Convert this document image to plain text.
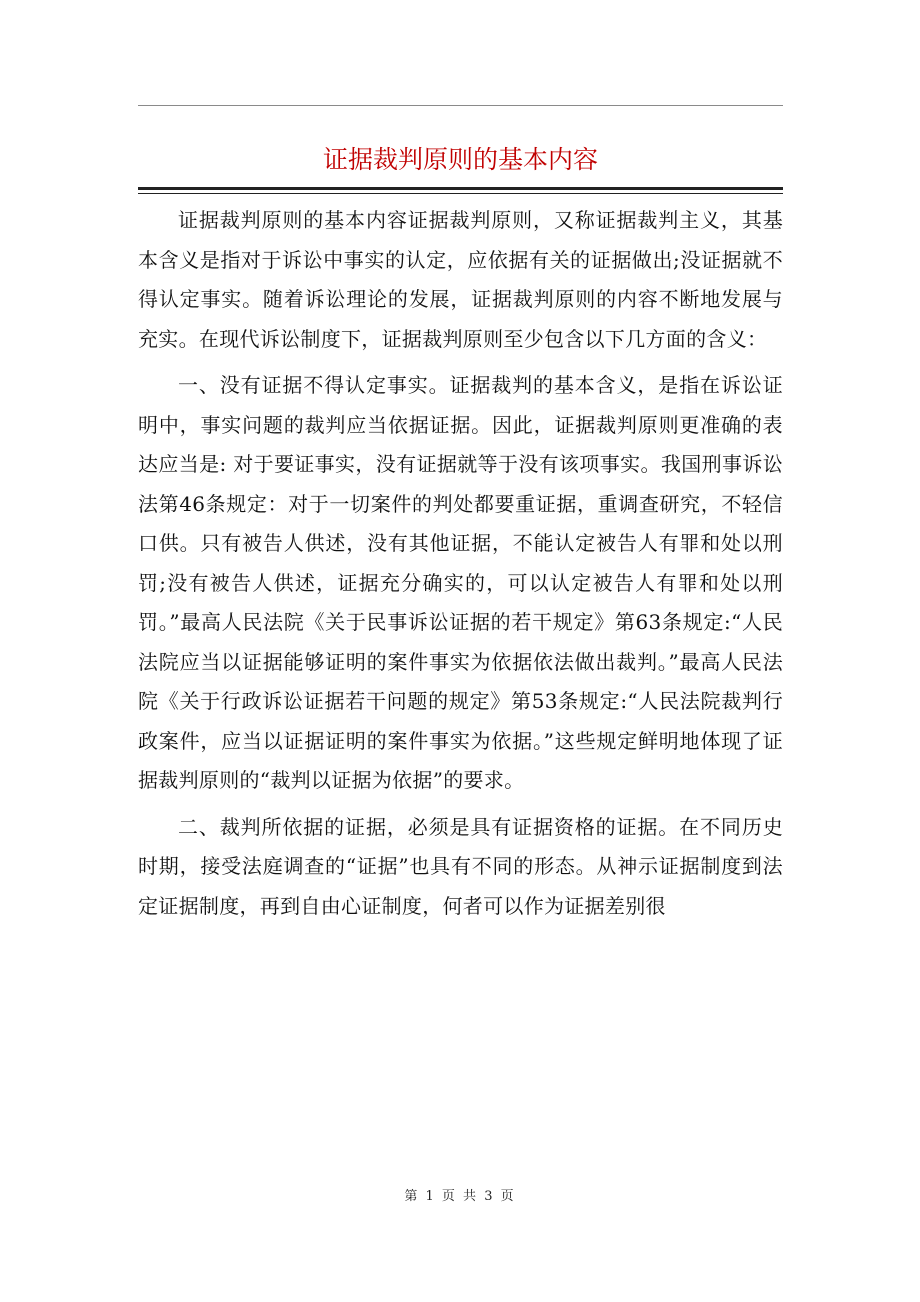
证据裁判原则的基本内容

证据裁判原则的基本内容证据裁判原则，又称证据裁判主义，其基本含义是指对于诉讼中事实的认定，应依据有关的证据做出;没证据就不得认定事实。随着诉讼理论的发展，证据裁判原则的内容不断地发展与充实。在现代诉讼制度下，证据裁判原则至少包含以下几方面的含义：

一、没有证据不得认定事实。证据裁判的基本含义，是指在诉讼证明中，事实问题的裁判应当依据证据。因此，证据裁判原则更准确的表达应当是: 对于要证事实，没有证据就等于没有该项事实。我国刑事诉讼法第46条规定：对于一切案件的判处都要重证据，重调查研究，不轻信口供。只有被告人供述，没有其他证据，不能认定被告人有罪和处以刑罚;没有被告人供述，证据充分确实的，可以认定被告人有罪和处以刑罚。”最高人民法院《关于民事诉讼证据的若干规定》第63条规定:“人民法院应当以证据能够证明的案件事实为依据依法做出裁判。”最高人民法院《关于行政诉讼证据若干问题的规定》第53条规定:“人民法院裁判行政案件，应当以证据证明的案件事实为依据。”这些规定鲜明地体现了证据裁判原则的“裁判以证据为依据”的要求。

二、裁判所依据的证据，必须是具有证据资格的证据。在不同历史时期，接受法庭调查的“证据”也具有不同的形态。从神示证据制度到法定证据制度，再到自由心证制度，何者可以作为证据差别很

第 1 页 共 3 页
